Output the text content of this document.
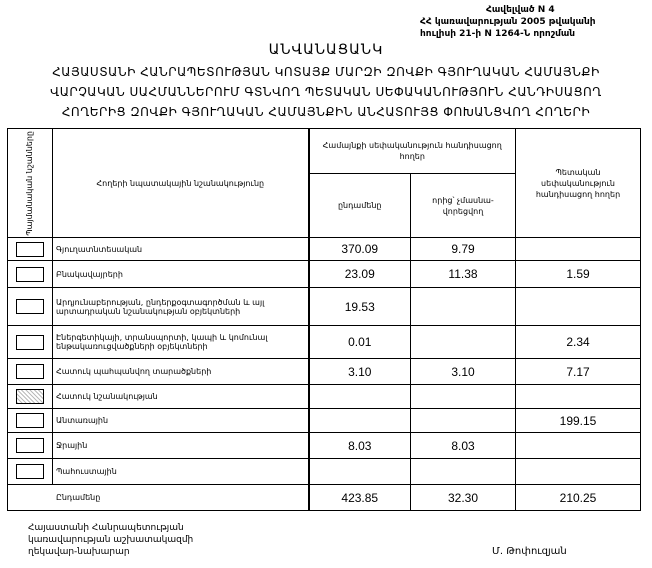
Հավելված N 4
ՀՀ կառավարության 2005 թվականի
հուլիսի 21-ի N 1264-Ն որոշման
ԱՆՎԱՆԱՑԱՆԿ
ՀԱՅԱՍՏԱՆԻ ՀԱՆՐԱՊԵՏՈՒԹՅԱՆ ԿՈՏԱՅՔ ՄԱՐԶԻ ԶՈՎՔԻ ԳՅՈՒՂԱԿԱՆ ՀԱՄԱՅՆՔԻ
ՎԱՐՉԱԿԱՆ ՍԱՀՄԱՆՆԵՐՈՒՄ ԳՏՆՎՈՂ ՊԵՏԱԿԱՆ ՍԵՓԱԿԱՆՈՒԹՅՈՒՆ ՀԱՆԴԻՍԱՑՈՂ
ՀՈՂԵՐԻՑ ԶՈՎՔԻ ԳՅՈՒՂԱԿԱՆ ՀԱՄԱՅՆՔԻՆ ԱՆՀԱՏՈՒՅՑ ՓՈԽԱՆՑՎՈՂ ՀՈՂԵՐԻ
Պայմանական նշանները	Հողերի նպատակային նշանակությունը	Համայնքի սեփականություն հանդիսացող հողեր		Պետական սեփականություն հանդիսացող հողեր
		ընդամենը	որից՝ չմասնա-վորեցվող	
	Գյուղատնտեսական	370.09	9.79	
	Բնակավայրերի	23.09	11.38	1.59
	Արդյունաբերության, ընդերքօգտագործման և այլ արտադրական նշանակության օբյեկտների	19.53		
	Էներգետիկայի, տրանսպորտի, կապի և կոմունալ ենթակառուցվածքների օբյեկտների	0.01		2.34
	Հատուկ պահպանվող տարածքների	3.10	3.10	7.17
	Հատուկ նշանակության			
	Անտառային			199.15
	Ջրային	8.03	8.03	
	Պահուստային			
Ընդամենը		423.85	32.30	210.25
Հայաստանի Հանրապետության
կառավարության աշխատակազմի
ղեկավար-նախարար	Մ. Թոփուզյան
